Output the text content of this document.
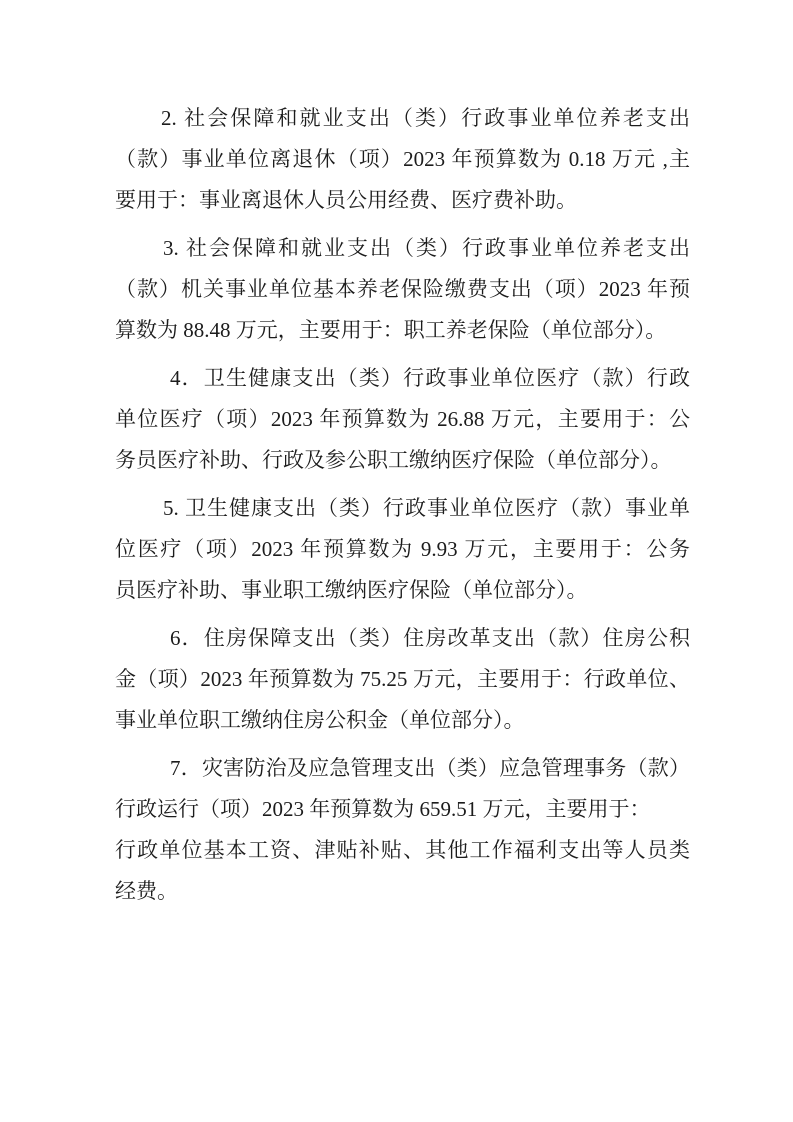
2. 社会保障和就业支出（类）行政事业单位养老支出
（款）事业单位离退休（项）2023 年预算数为 0.18 万元 ,主
要用于：事业离退休人员公用经费、医疗费补助。
3. 社会保障和就业支出（类）行政事业单位养老支出
（款）机关事业单位基本养老保险缴费支出（项）2023 年预
算数为 88.48 万元，主要用于：职工养老保险（单位部分）。
4．卫生健康支出（类）行政事业单位医疗（款）行政
单位医疗（项）2023 年预算数为 26.88 万元，主要用于：公
务员医疗补助、行政及参公职工缴纳医疗保险（单位部分）。
5. 卫生健康支出（类）行政事业单位医疗（款）事业单
位医疗（项）2023 年预算数为 9.93 万元，主要用于：公务
员医疗补助、事业职工缴纳医疗保险（单位部分）。
6．住房保障支出（类）住房改革支出（款）住房公积
金（项）2023 年预算数为 75.25 万元，主要用于：行政单位、
事业单位职工缴纳住房公积金（单位部分）。
7．灾害防治及应急管理支出（类）应急管理事务（款）
行政运行（项）2023 年预算数为 659.51 万元，主要用于：
行政单位基本工资、津贴补贴、其他工作福利支出等人员类
经费。
